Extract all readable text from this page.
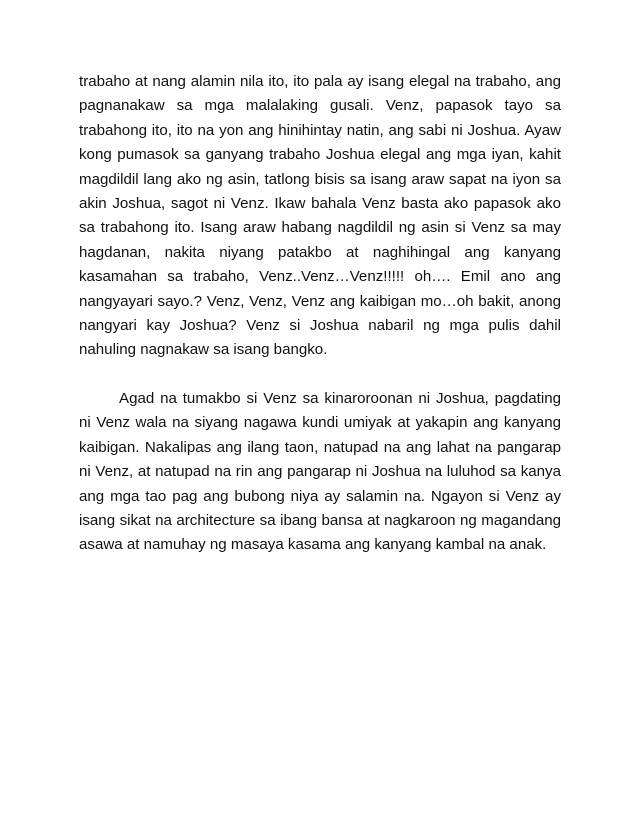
trabaho at nang alamin nila ito, ito pala ay isang elegal na trabaho, ang pagnanakaw sa mga malalaking gusali. Venz, papasok tayo sa trabahong ito, ito na yon ang hinihintay natin, ang sabi ni Joshua. Ayaw kong pumasok sa ganyang trabaho Joshua elegal ang mga iyan, kahit magdildil lang ako ng asin, tatlong bisis sa isang araw sapat na iyon sa akin Joshua, sagot ni Venz. Ikaw bahala Venz basta ako papasok ako sa trabahong ito. Isang araw habang nagdildil ng asin si Venz sa may hagdanan, nakita niyang patakbo at naghihingal ang kanyang kasamahan sa trabaho, Venz..Venz…Venz!!!!! oh…. Emil ano ang nangyayari sayo.? Venz, Venz, Venz ang kaibigan mo…oh bakit, anong nangyari kay Joshua? Venz si Joshua nabaril ng mga pulis dahil nahuling nagnakaw sa isang bangko.

Agad na tumakbo si Venz sa kinaroroonan ni Joshua, pagdating ni Venz wala na siyang nagawa kundi umiyak at yakapin ang kanyang kaibigan. Nakalipas ang ilang taon, natupad na ang lahat na pangarap ni Venz, at natupad na rin ang pangarap ni Joshua na luluhod sa kanya ang mga tao pag ang bubong niya ay salamin na. Ngayon si Venz ay isang sikat na architecture sa ibang bansa at nagkaroon ng magandang asawa at namuhay ng masaya kasama ang kanyang kambal na anak.
